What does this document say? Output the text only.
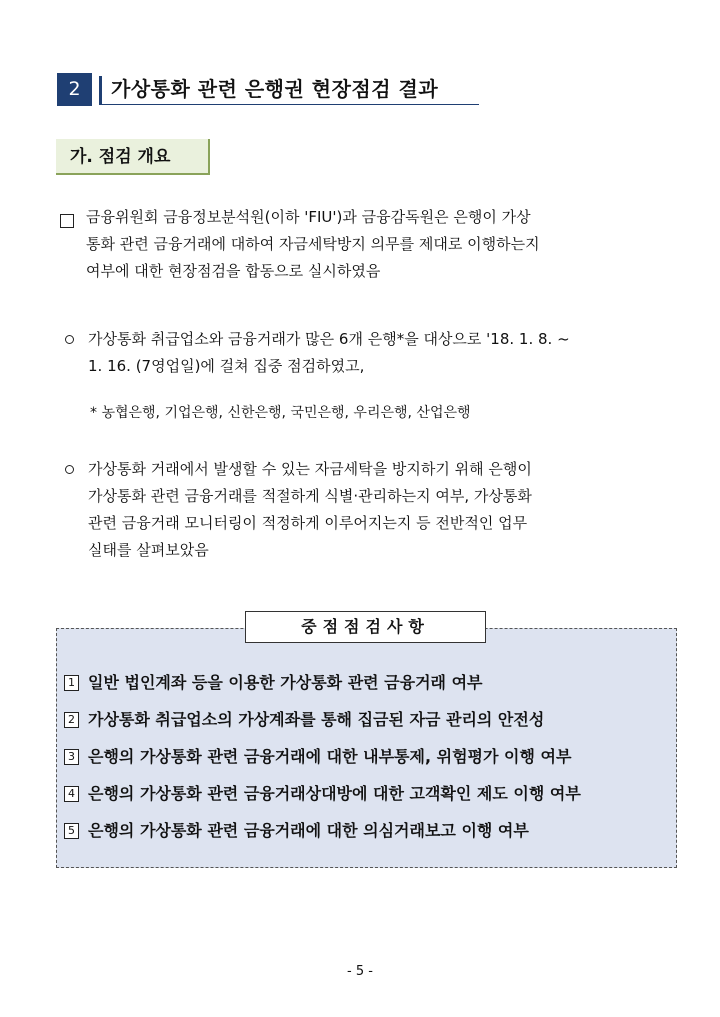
2	가상통화 관련 은행권 현장점검 결과
가. 점검 개요
금융위원회 금융정보분석원(이하 'FIU')과 금융감독원은 은행이 가상
통화 관련 금융거래에 대하여 자금세탁방지 의무를 제대로 이행하는지
여부에 대한 현장점검을 합동으로 실시하였음
가상통화 취급업소와 금융거래가 많은 6개 은행*을 대상으로 '18. 1. 8. ~
1. 16. (7영업일)에 걸쳐 집중 점검하였고,
* 농협은행, 기업은행, 신한은행, 국민은행, 우리은행, 산업은행
가상통화 거래에서 발생할 수 있는 자금세탁을 방지하기 위해 은행이
가상통화 관련 금융거래를 적절하게 식별·관리하는지 여부, 가상통화
관련 금융거래 모니터링이 적정하게 이루어지는지 등 전반적인 업무
실태를 살펴보았음
중점점검사항
1 일반 법인계좌 등을 이용한 가상통화 관련 금융거래 여부
2 가상통화 취급업소의 가상계좌를 통해 집금된 자금 관리의 안전성
3 은행의 가상통화 관련 금융거래에 대한 내부통제, 위험평가 이행 여부
4 은행의 가상통화 관련 금융거래상대방에 대한 고객확인 제도 이행 여부
5 은행의 가상통화 관련 금융거래에 대한 의심거래보고 이행 여부
- 5 -
